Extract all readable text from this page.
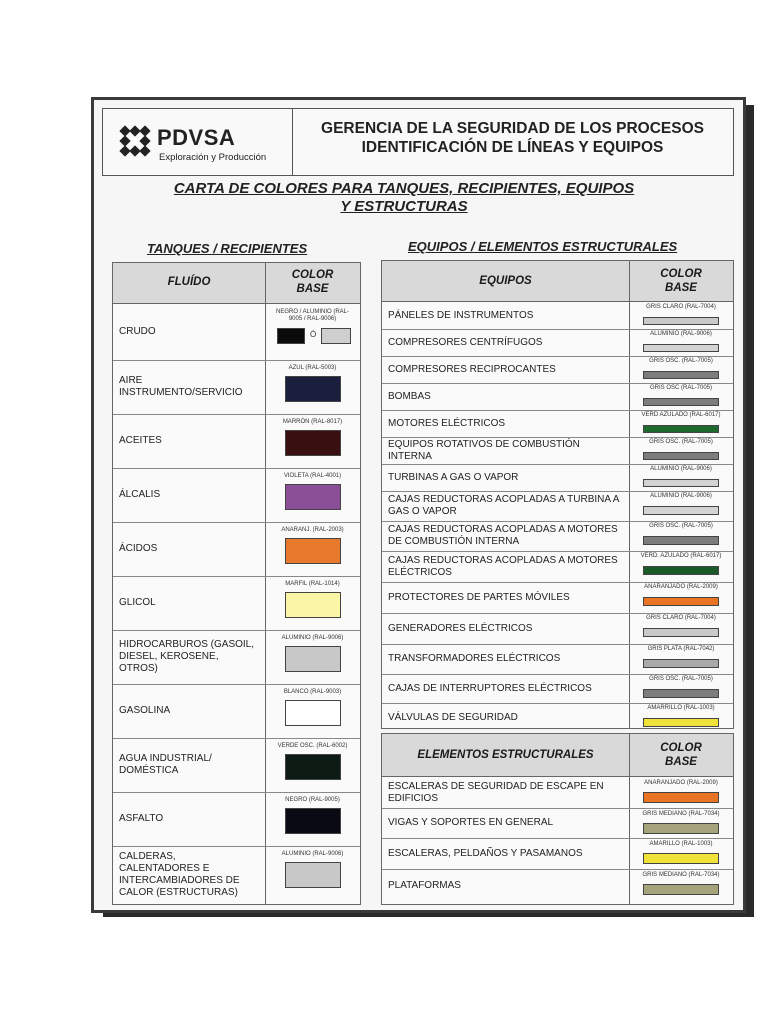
PDVSA
Exploración y Producción
GERENCIA DE LA SEGURIDAD DE LOS PROCESOS
IDENTIFICACIÓN DE LÍNEAS Y EQUIPOS
CARTA DE COLORES PARA TANQUES, RECIPIENTES, EQUIPOS
Y ESTRUCTURAS
TANQUES / RECIPIENTES	EQUIPOS / ELEMENTOS ESTRUCTURALES
FLUÍDO
COLOR
BASE
CRUDO
NEGRO / ALUMINIO (RAL-9005 / RAL-9006)
Ó
AIRE INSTRUMENTO/SERVICIO
AZUL (RAL-5003)
ACEITES
MARRÓN (RAL-8017)
ÁLCALIS
VIOLETA (RAL-4001)
ÁCIDOS
ANARANJ. (RAL-2003)
GLICOL
MARFIL (RAL-1014)
HIDROCARBUROS (GASOIL, DIESEL, KEROSENE, OTROS)
ALUMINIO (RAL-9006)
GASOLINA
BLANCO (RAL-9003)
AGUA INDUSTRIAL/ DOMÉSTICA
VERDE OSC. (RAL-6002)
ASFALTO
NEGRO (RAL-9005)
CALDERAS, CALENTADORES E INTERCAMBIADORES DE CALOR (ESTRUCTURAS)
ALUMINIO (RAL-9006)
EQUIPOS
COLOR
BASE
PÁNELES DE INSTRUMENTOS
GRIS CLARO (RAL-7004)
COMPRESORES CENTRÍFUGOS
ALUMINIO (RAL-9006)
COMPRESORES RECIPROCANTES
GRIS OSC. (RAL-7005)
BOMBAS
GRIS OSC (RAL-7005)
MOTORES ELÉCTRICOS
VERD AZULADO (RAL-6017)
EQUIPOS ROTATIVOS DE COMBUSTIÓN INTERNA
GRIS OSC. (RAL-7005)
TURBINAS A GAS O VAPOR
ALUMINIO (RAL-9006)
CAJAS REDUCTORAS ACOPLADAS A TURBINA A GAS O VAPOR
ALUMINIO (RAL-9006)
CAJAS REDUCTORAS ACOPLADAS A MOTORES DE COMBUSTIÓN INTERNA
GRIS OSC. (RAL-7005)
CAJAS REDUCTORAS ACOPLADAS A MOTORES ELÉCTRICOS
VERD. AZULADO (RAL-6017)
PROTECTORES DE PARTES MÓVILES
ANARANJADO (RAL-2009)
GENERADORES ELÉCTRICOS
GRIS CLARO (RAL-7004)
TRANSFORMADORES ELÉCTRICOS
GRIS PLATA (RAL-7042)
CAJAS DE INTERRUPTORES ELÉCTRICOS
GRIS OSC. (RAL-7005)
VÁLVULAS DE SEGURIDAD
AMARRILLO (RAL-1003)
ELEMENTOS ESTRUCTURALES
COLOR
BASE
ESCALERAS DE SEGURIDAD DE ESCAPE EN EDIFICIOS
ANARANJADO (RAL-2009)
VIGAS Y SOPORTES EN GENERAL
GRIS MEDIANO (RAL-7034)
ESCALERAS, PELDAÑOS Y PASAMANOS
AMARILLO (RAL-1003)
PLATAFORMAS
GRIS MEDIANO (RAL-7034)
